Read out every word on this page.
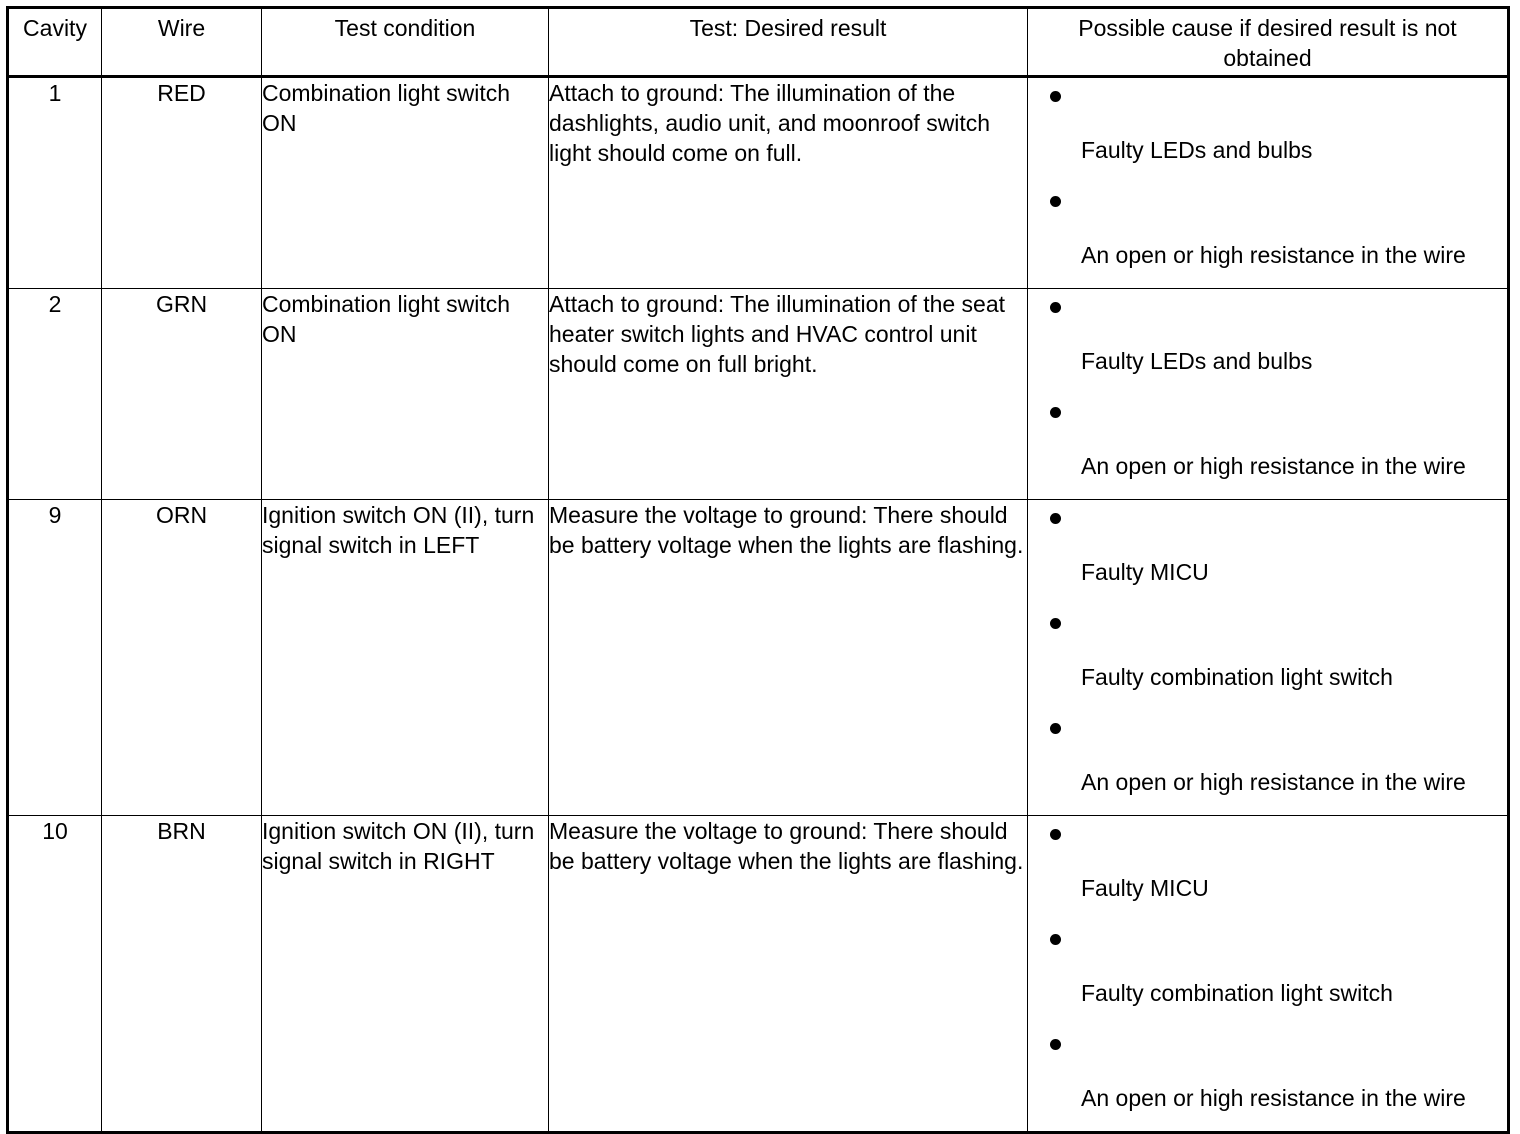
Cavity	Wire	Test condition	Test: Desired result	Possible cause if desired result is not obtained
1	RED	Combination light switch ON	Attach to ground: The illumination of the dashlights, audio unit, and moonroof switch light should come on full.	Faulty LEDs and bulbs
An open or high resistance in the wire

2	GRN	Combination light switch ON	Attach to ground: The illumination of the seat heater switch lights and HVAC control unit should come on full bright.	Faulty LEDs and bulbs
An open or high resistance in the wire

9	ORN	Ignition switch ON (II), turn signal switch in LEFT	Measure the voltage to ground: There should be battery voltage when the lights are flashing.	Faulty MICU
Faulty combination light switch
An open or high resistance in the wire

10	BRN	Ignition switch ON (II), turn signal switch in RIGHT	Measure the voltage to ground: There should be battery voltage when the lights are flashing.	Faulty MICU
Faulty combination light switch
An open or high resistance in the wire
